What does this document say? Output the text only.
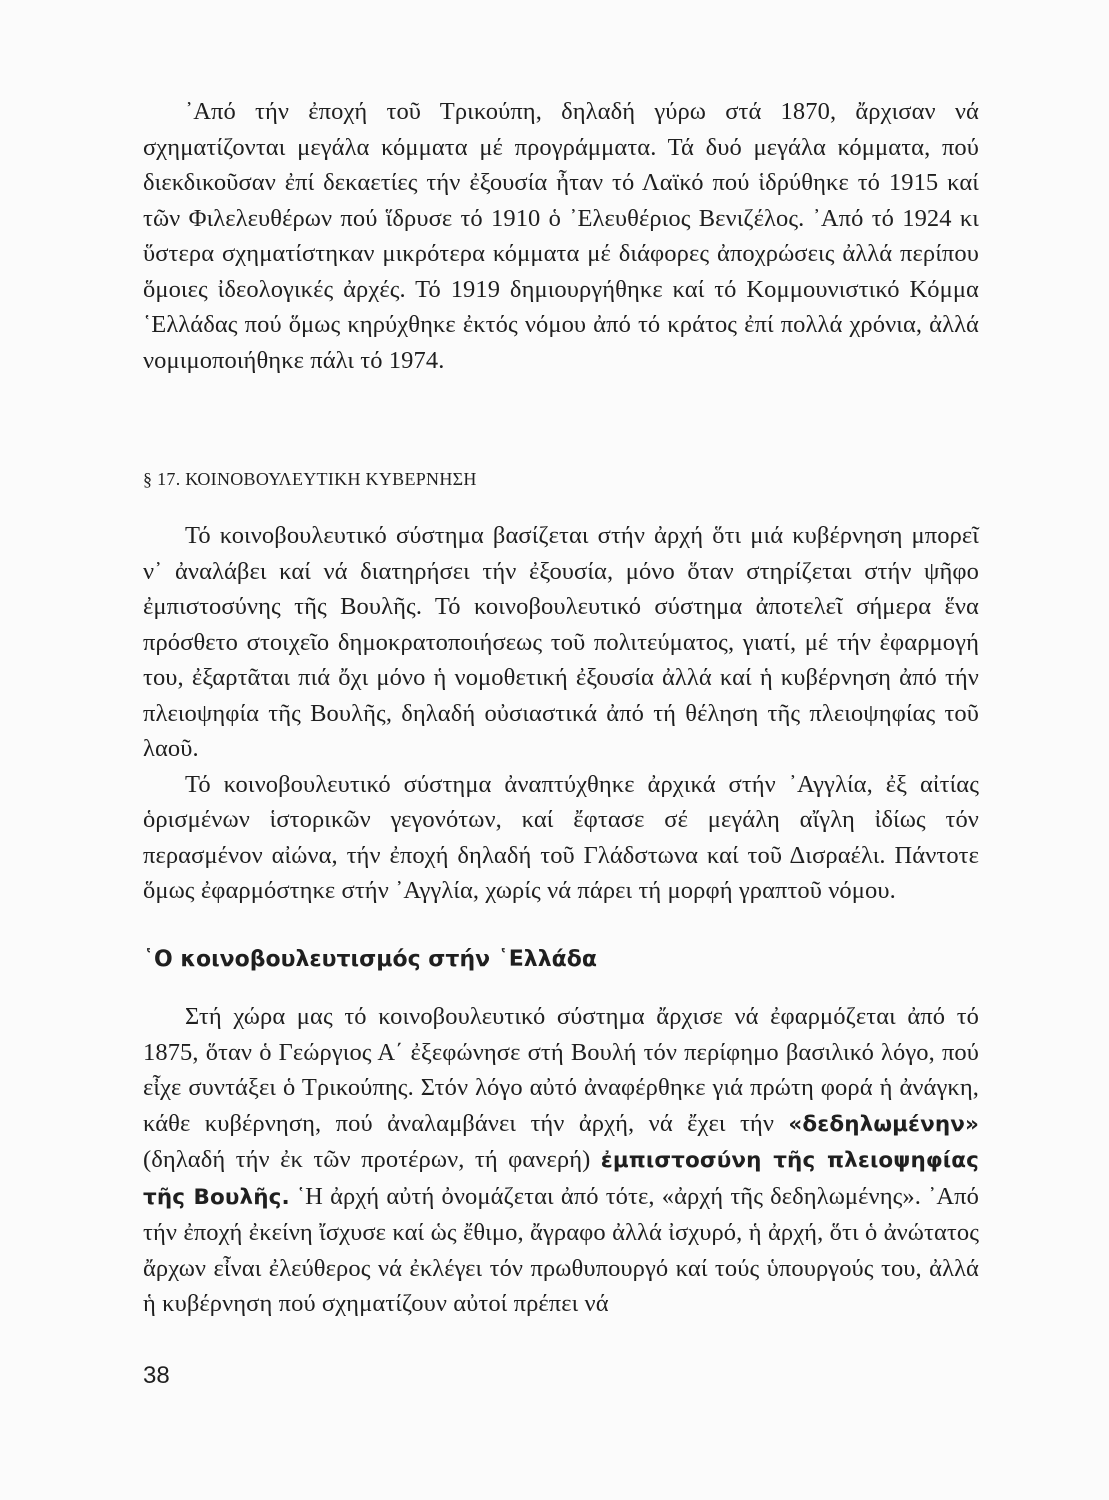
᾽Από τήν ἐποχή τοῦ Τρικούπη, δηλαδή γύρω στά 1870, ἄρχισαν νά σχηματίζονται μεγάλα κόμματα μέ προγράμματα. Τά δυό μεγάλα κόμματα, πού διεκδικοῦσαν ἐπί δεκαετίες τήν ἐξουσία ἦταν τό Λαϊκό πού ἱδρύθηκε τό 1915 καί τῶν Φιλελευθέρων πού ἵδρυσε τό 1910 ὁ ᾽Ελευθέριος Βενιζέλος. ᾽Από τό 1924 κι ὕστερα σχηματίστηκαν μικρότερα κόμματα μέ διάφορες ἀποχρώσεις ἀλλά περίπου ὅμοιες ἰδεολογικές ἀρχές. Τό 1919 δημιουργήθηκε καί τό Κομμουνιστικό Κόμμα ῾Ελλάδας πού ὅμως κηρύχθηκε ἐκτός νόμου ἀπό τό κράτος ἐπί πολλά χρόνια, ἀλλά νομιμοποιήθηκε πάλι τό 1974.

§ 17. ΚΟΙΝΟΒΟΥΛΕΥΤΙΚΗ ΚΥΒΕΡΝΗΣΗ

Τό κοινοβουλευτικό σύστημα βασίζεται στήν ἀρχή ὅτι μιά κυβέρνηση μπορεῖ ν᾽ ἀναλάβει καί νά διατηρήσει τήν ἐξουσία, μόνο ὅταν στηρίζεται στήν ψῆφο ἐμπιστοσύνης τῆς Βουλῆς. Τό κοινοβουλευτικό σύστημα ἀποτελεῖ σήμερα ἕνα πρόσθετο στοιχεῖο δημοκρατοποιήσεως τοῦ πολιτεύματος, γιατί, μέ τήν ἐφαρμογή του, ἐξαρτᾶται πιά ὄχι μόνο ἡ νομοθετική ἐξουσία ἀλλά καί ἡ κυβέρνηση ἀπό τήν πλειοψηφία τῆς Βουλῆς, δηλαδή οὐσιαστικά ἀπό τή θέληση τῆς πλειοψηφίας τοῦ λαοῦ.

Τό κοινοβουλευτικό σύστημα ἀναπτύχθηκε ἀρχικά στήν ᾽Αγγλία, ἐξ αἰτίας ὁρισμένων ἱστορικῶν γεγονότων, καί ἔφτασε σέ μεγάλη αἴγλη ἰδίως τόν περασμένον αἰώνα, τήν ἐποχή δηλαδή τοῦ Γλάδστωνα καί τοῦ Δισραέλι. Πάντοτε ὅμως ἐφαρμόστηκε στήν ᾽Αγγλία, χωρίς νά πάρει τή μορφή γραπτοῦ νόμου.

῾Ο κοινοβουλευτισμός στήν ῾Ελλάδα

Στή χώρα μας τό κοινοβουλευτικό σύστημα ἄρχισε νά ἐφαρμόζεται ἀπό τό 1875, ὅταν ὁ Γεώργιος Α΄ ἐξεφώνησε στή Βουλή τόν περίφημο βασιλικό λόγο, πού εἶχε συντάξει ὁ Τρικούπης. Στόν λόγο αὐτό ἀναφέρθηκε γιά πρώτη φορά ἡ ἀνάγκη, κάθε κυβέρνηση, πού ἀναλαμβάνει τήν ἀρχή, νά ἔχει τήν «δεδηλωμένην» (δηλαδή τήν ἐκ τῶν προτέρων, τή φανερή) ἐμπιστοσύνη τῆς πλειοψηφίας τῆς Βουλῆς. ῾Η ἀρχή αὐτή ὀνομάζεται ἀπό τότε, «ἀρχή τῆς δεδηλωμένης». ᾽Από τήν ἐποχή ἐκείνη ἴσχυσε καί ὡς ἔθιμο, ἄγραφο ἀλλά ἰσχυρό, ἡ ἀρχή, ὅτι ὁ ἀνώτατος ἄρχων εἶναι ἐλεύθερος νά ἐκλέγει τόν πρωθυπουργό καί τούς ὑπουργούς του, ἀλλά ἡ κυβέρνηση πού σχηματίζουν αὐτοί πρέπει νά

38
